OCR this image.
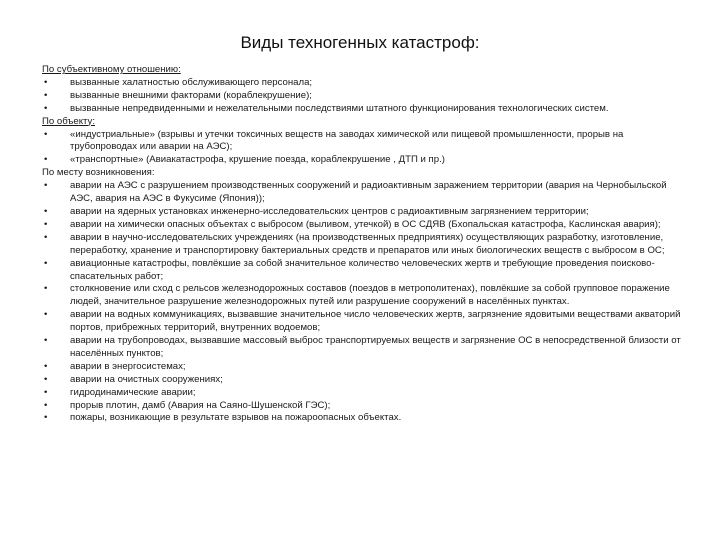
Виды техногенных катастроф:
По субъективному отношению:
• вызванные халатностью обслуживающего персонала;
• вызванные внешними факторами (кораблекрушение);
• вызванные непредвиденными и нежелательными последствиями штатного функционирования технологических систем.
По объекту:
• «индустриальные» (взрывы и утечки токсичных веществ на заводах химической или пищевой промышленности, прорыв на трубопроводах или аварии на АЭС);
• «транспортные» (Авиакатастрофа, крушение поезда, кораблекрушение , ДТП и пр.)
По месту возникновения:
• аварии на АЭС с разрушением производственных сооружений и радиоактивным заражением территории (авария на Чернобыльской АЭС, авария на АЭС в Фукусиме (Япония));
• аварии на ядерных установках инженерно-исследовательских центров с радиоактивным загрязнением территории;
• аварии на химически опасных объектах с выбросом (выливом, утечкой) в ОС СДЯВ (Бхопальская катастрофа, Каслинская авария);
• аварии в научно-исследовательских учреждениях (на производственных предприятиях) осуществляющих разработку, изготовление, переработку, хранение и транспортировку бактериальных средств и препаратов или иных биологических веществ с выбросом в ОС;
• авиационные катастрофы, повлёкшие за собой значительное количество человеческих жертв и требующие проведения поисково-спасательных работ;
• столкновение или сход с рельсов железнодорожных составов (поездов в метрополитенах), повлёкшие за собой групповое поражение людей, значительное разрушение железнодорожных путей или разрушение сооружений в населённых пунктах.
• аварии на водных коммуникациях, вызвавшие значительное число человеческих жертв, загрязнение ядовитыми веществами акваторий портов, прибрежных территорий, внутренних водоемов;
• аварии на трубопроводах, вызвавшие массовый выброс транспортируемых веществ и загрязнение ОС в непосредственной близости от населённых пунктов;
• аварии в энергосистемах;
• аварии на очистных сооружениях;
• гидродинамические аварии;
• прорыв плотин, дамб (Авария на Саяно-Шушенской ГЭС);
• пожары, возникающие в результате взрывов на пожароопасных объектах.
